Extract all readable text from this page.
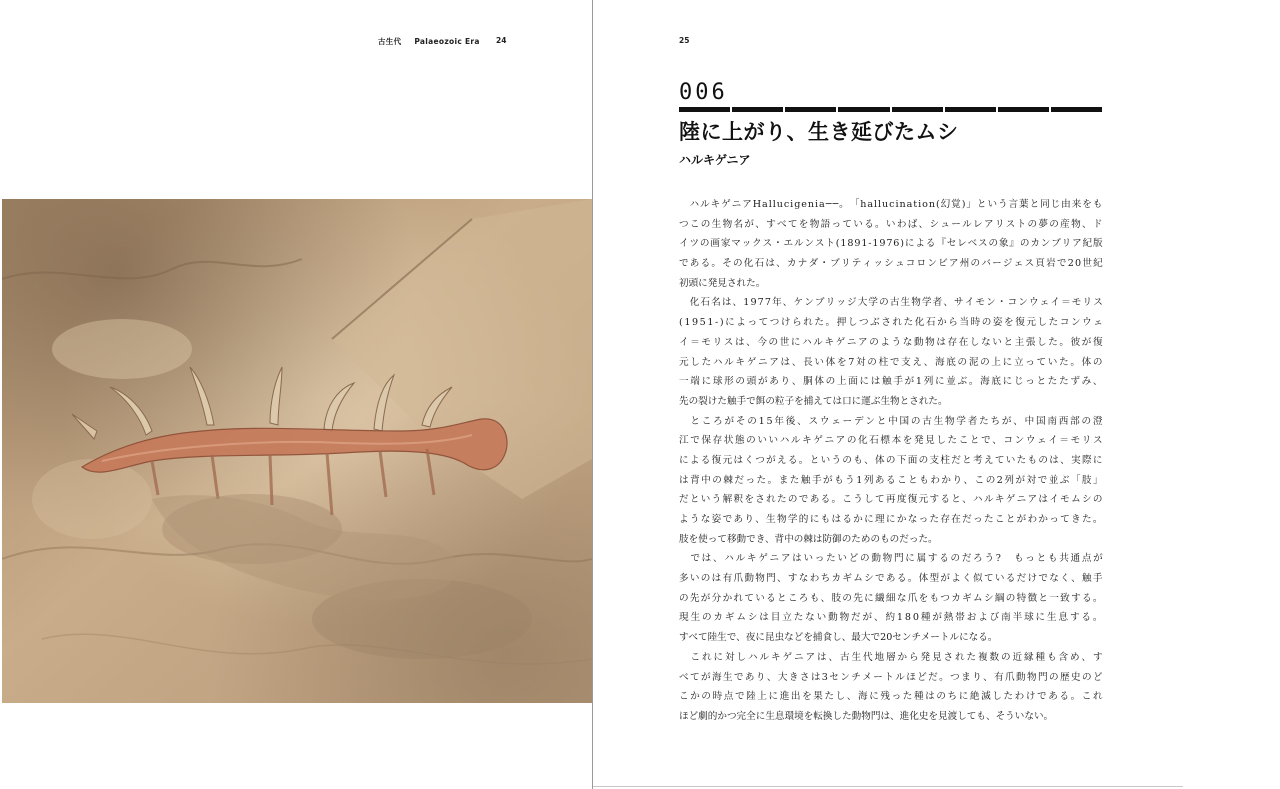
古生代 Palaeozoic Era	24	25
006
陸に上がり、生き延びたムシ
ハルキゲニア

ハ ル キ ゲ ニ ア H a l l u c i g e n i a ─ ─ 。 「 h a l l u c i n a t i o n ( 幻 覚 ) 」 と い う 言 葉 と 同 じ 由 来 を も
つ こ の 生 物 名 が 、 す べ て を 物 語 っ て い る 。 い わ ば 、 シ ュ ー ル レ ア リ ス ト の 夢 の 産 物 、 ド
イ ツ の 画 家 マ ッ ク ス ・ エ ル ン ス ト ( 1 8 9 1 - 1 9 7 6 ) に よ る 『 セ レ ベ ス の 象 』 の カ ン ブ リ ア 紀 版
で あ る 。 そ の 化 石 は 、 カ ナ ダ ・ ブ リ テ ィ ッ シ ュ コ ロ ン ビ ア 州 の バ ー ジ ェ ス 頁 岩 で 2 0 世 紀
初頭に発見された。

化 石 名 は 、 1 9 7 7 年 、 ケ ン ブ リ ッ ジ 大 学 の 古 生 物 学 者 、 サ イ モ ン ・ コ ン ウ ェ イ ＝ モ リ ス
( 1 9 5 1 - ) に よ っ て つ け ら れ た 。 押 し つ ぶ さ れ た 化 石 か ら 当 時 の 姿 を 復 元 し た コ ン ウ ェ
イ ＝ モ リ ス は 、 今 の 世 に ハ ル キ ゲ ニ ア の よ う な 動 物 は 存 在 し な い と 主 張 し た 。 彼 が 復
元 し た ハ ル キ ゲ ニ ア は 、 長 い 体 を 7 対 の 柱 で 支 え 、 海 底 の 泥 の 上 に 立 っ て い た 。 体 の
一 端 に 球 形 の 頭 が あ り 、 胴 体 の 上 面 に は 触 手 が 1 列 に 並 ぶ 。 海 底 に じ っ と た た ず み 、
先の裂けた触手で餌の粒子を捕えては口に運ぶ生物とされた。

と こ ろ が そ の 1 5 年 後 、 ス ウ ェ ー デ ン と 中 国 の 古 生 物 学 者 た ち が 、 中 国 南 西 部 の 澄
江 で 保 存 状 態 の い い ハ ル キ ゲ ニ ア の 化 石 標 本 を 発 見 し た こ と で 、 コ ン ウ ェ イ ＝ モ リ ス
に よ る 復 元 は く つ が え る 。 と い う の も 、 体 の 下 面 の 支 柱 だ と 考 え て い た も の は 、 実 際 に
は 背 中 の 棘 だ っ た 。 ま た 触 手 が も う 1 列 あ る こ と も わ か り 、 こ の 2 列 が 対 で 並 ぶ 「 肢 」
だ と い う 解 釈 を さ れ た の で あ る 。 こ う し て 再 度 復 元 す る と 、 ハ ル キ ゲ ニ ア は イ モ ム シ の
よ う な 姿 で あ り 、 生 物 学 的 に も は る か に 理 に か な っ た 存 在 だ っ た こ と が わ か っ て き た 。
肢を使って移動でき、背中の棘は防御のためのものだった。

で は 、 ハ ル キ ゲ ニ ア は い っ た い ど の 動 物 門 に 属 す る の だ ろ う ?
　 も っ と も 共 通 点 が
多 い の は 有 爪 動 物 門 、 す な わ ち カ ギ ム シ で あ る 。 体 型 が よ く 似 て い る だ け で な く 、 触 手
の 先 が 分 か れ て い る と こ ろ も 、 肢 の 先 に 繊 細 な 爪 を も つ カ ギ ム シ 綱 の 特 徴 と 一 致 す る 。
現 生 の カ ギ ム シ は 目 立 た な い 動 物 だ が 、 約 1 8 0 種 が 熱 帯 お よ び 南 半 球 に 生 息 す る 。
すべて陸生で、夜に昆虫などを捕食し、最大で20センチメートルになる。

こ れ に 対 し ハ ル キ ゲ ニ ア は 、 古 生 代 地 層 か ら 発 見 さ れ た 複 数 の 近 縁 種 も 含 め 、 す
べ て が 海 生 で あ り 、 大 き さ は 3 セ ン チ メ ー ト ル ほ ど だ 。 つ ま り 、 有 爪 動 物 門 の 歴 史 の ど
こ か の 時 点 で 陸 上 に 進 出 を 果 た し 、 海 に 残 っ た 種 は の ち に 絶 滅 し た わ け で あ る 。 こ れ
ほど劇的かつ完全に生息環境を転換した動物門は、進化史を見渡しても、そういない。
